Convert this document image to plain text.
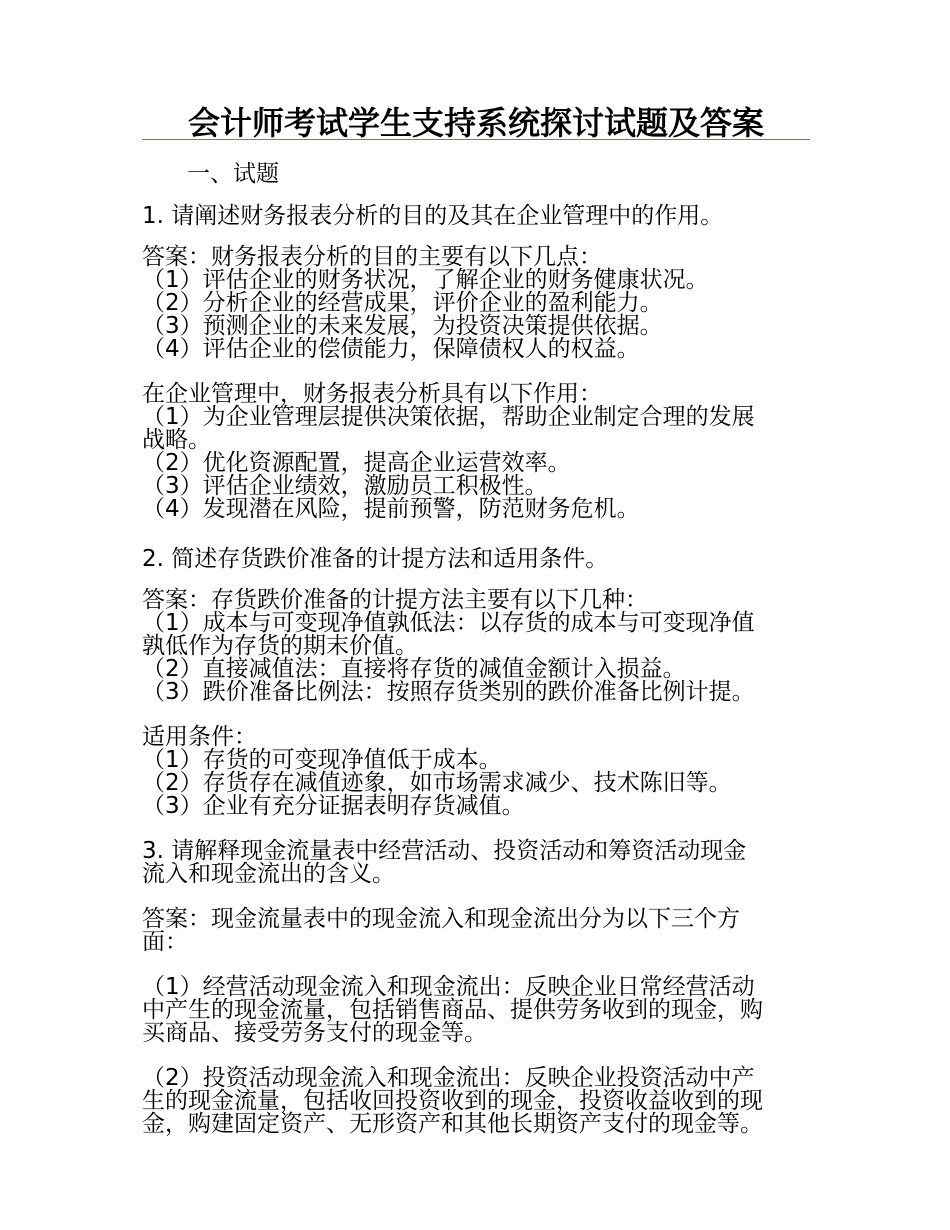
会计师考试学生支持系统探讨试题及答案
一、试题
1. 请阐述财务报表分析的目的及其在企业管理中的作用。
答案：财务报表分析的目的主要有以下几点：
（1）评估企业的财务状况，了解企业的财务健康状况。
（2）分析企业的经营成果，评价企业的盈利能力。
（3）预测企业的未来发展，为投资决策提供依据。
（4）评估企业的偿债能力，保障债权人的权益。
在企业管理中，财务报表分析具有以下作用：
（1）为企业管理层提供决策依据，帮助企业制定合理的发展
战略。
（2）优化资源配置，提高企业运营效率。
（3）评估企业绩效，激励员工积极性。
（4）发现潜在风险，提前预警，防范财务危机。
2. 简述存货跌价准备的计提方法和适用条件。
答案：存货跌价准备的计提方法主要有以下几种：
（1）成本与可变现净值孰低法：以存货的成本与可变现净值
孰低作为存货的期末价值。
（2）直接减值法：直接将存货的减值金额计入损益。
（3）跌价准备比例法：按照存货类别的跌价准备比例计提。
适用条件：
（1）存货的可变现净值低于成本。
（2）存货存在减值迹象，如市场需求减少、技术陈旧等。
（3）企业有充分证据表明存货减值。
3. 请解释现金流量表中经营活动、投资活动和筹资活动现金
流入和现金流出的含义。
答案：现金流量表中的现金流入和现金流出分为以下三个方
面：
（1）经营活动现金流入和现金流出：反映企业日常经营活动
中产生的现金流量，包括销售商品、提供劳务收到的现金，购
买商品、接受劳务支付的现金等。
（2）投资活动现金流入和现金流出：反映企业投资活动中产
生的现金流量，包括收回投资收到的现金，投资收益收到的现
金，购建固定资产、无形资产和其他长期资产支付的现金等。
